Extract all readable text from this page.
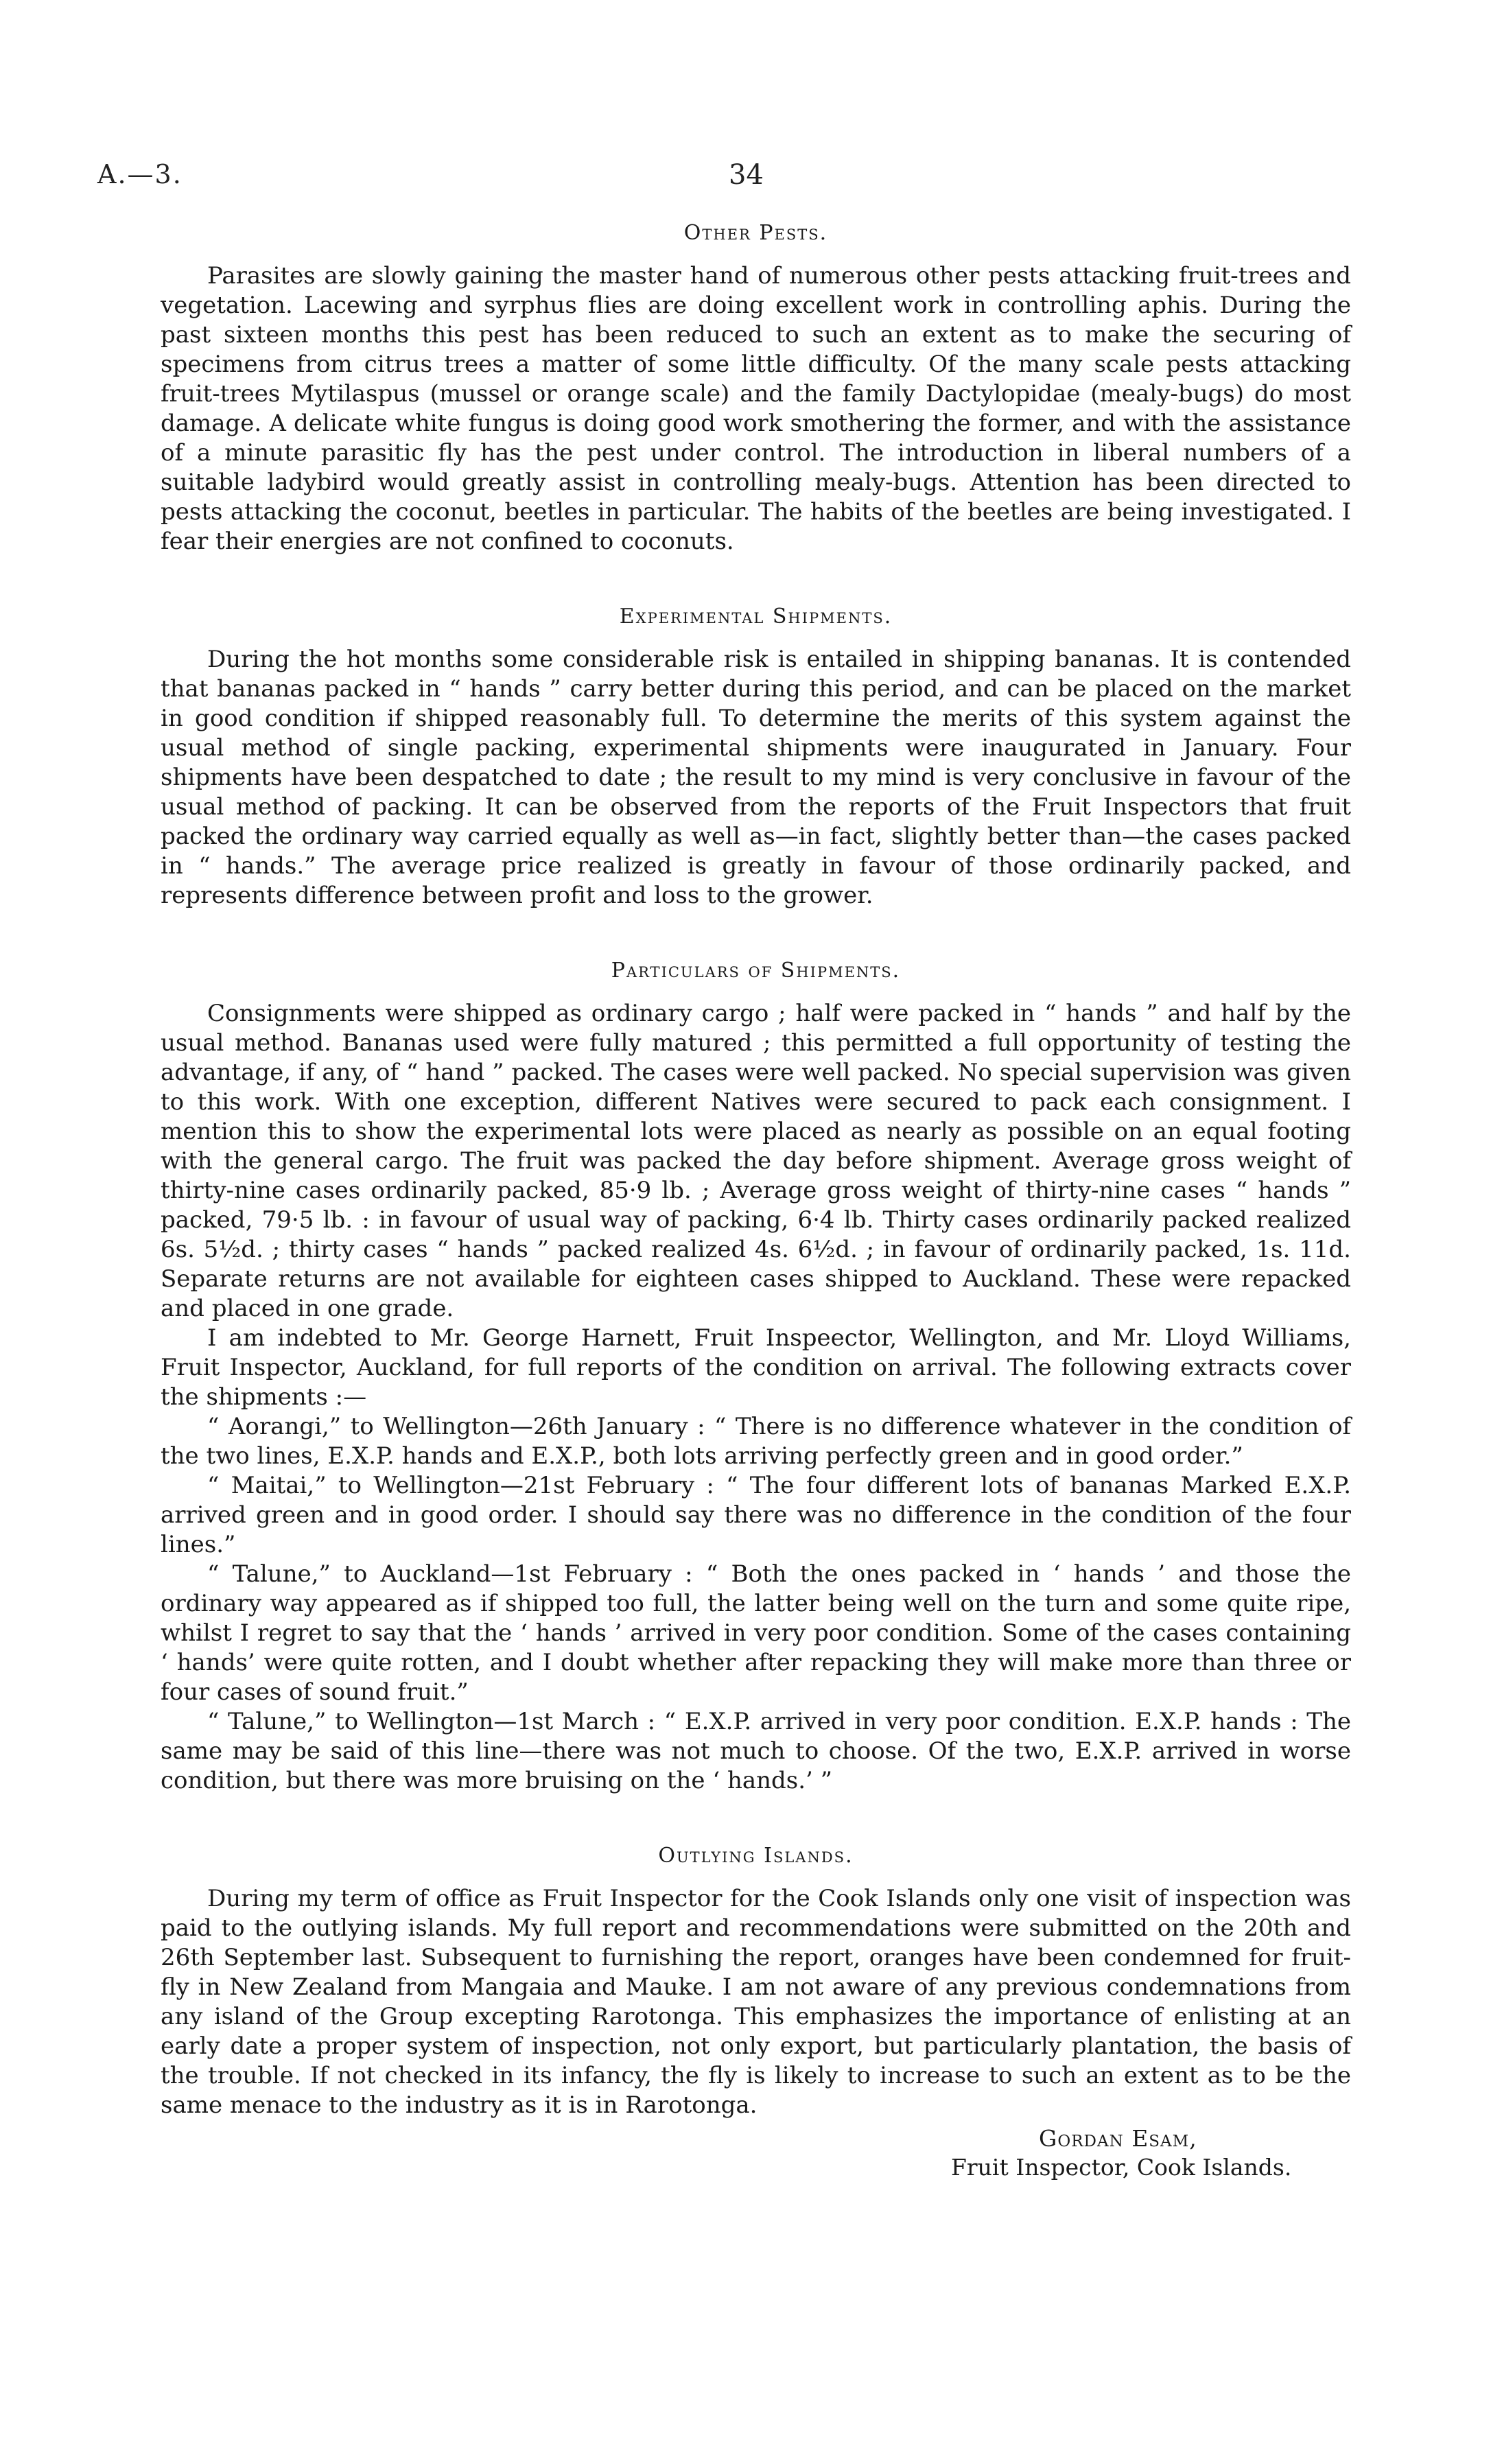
A.—3.	34
Other Pests.

Parasites are slowly gaining the master hand of numerous other pests attacking fruit-trees and vegetation. Lacewing and syrphus flies are doing excellent work in controlling aphis. During the past sixteen months this pest has been reduced to such an extent as to make the securing of specimens from citrus trees a matter of some little difficulty. Of the many scale pests attacking fruit-trees Mytilaspus (mussel or orange scale) and the family Dactylopidae (mealy-bugs) do most damage. A delicate white fungus is doing good work smothering the former, and with the assistance of a minute parasitic fly has the pest under control. The introduction in liberal numbers of a suitable ladybird would greatly assist in controlling mealy-bugs. Attention has been directed to pests attacking the coconut, beetles in particular. The habits of the beetles are being investigated. I fear their energies are not confined to coconuts.

Experimental Shipments.

During the hot months some considerable risk is entailed in shipping bananas. It is contended that bananas packed in “ hands ” carry better during this period, and can be placed on the market in good condition if shipped reasonably full. To determine the merits of this system against the usual method of single packing, experimental shipments were inaugurated in January. Four shipments have been despatched to date ; the result to my mind is very conclusive in favour of the usual method of packing. It can be observed from the reports of the Fruit Inspectors that fruit packed the ordinary way carried equally as well as—in fact, slightly better than—the cases packed in “ hands.” The average price realized is greatly in favour of those ordinarily packed, and represents difference between profit and loss to the grower.

Particulars of Shipments.

Consignments were shipped as ordinary cargo ; half were packed in “ hands ” and half by the usual method. Bananas used were fully matured ; this permitted a full opportunity of testing the advantage, if any, of “ hand ” packed. The cases were well packed. No special supervision was given to this work. With one exception, different Natives were secured to pack each consignment. I mention this to show the experimental lots were placed as nearly as possible on an equal footing with the general cargo. The fruit was packed the day before shipment. Average gross weight of thirty-nine cases ordinarily packed, 85·9 lb. ; Average gross weight of thirty-nine cases “ hands ” packed, 79·5 lb. : in favour of usual way of packing, 6·4 lb. Thirty cases ordinarily packed realized 6s. 5½d. ; thirty cases “ hands ” packed realized 4s. 6½d. ; in favour of ordinarily packed, 1s. 11d. Separate returns are not available for eighteen cases shipped to Auckland. These were repacked and placed in one grade.

I am indebted to Mr. George Harnett, Fruit Inspeector, Wellington, and Mr. Lloyd Williams, Fruit Inspector, Auckland, for full reports of the condition on arrival. The following extracts cover the shipments :—

“ Aorangi,” to Wellington—26th January : “ There is no difference whatever in the condition of the two lines, E.X.P. hands and E.X.P., both lots arriving perfectly green and in good order.”

“ Maitai,” to Wellington—21st February : “ The four different lots of bananas Marked E.X.P. arrived green and in good order. I should say there was no difference in the condition of the four lines.”

“ Talune,” to Auckland—1st February : “ Both the ones packed in ‘ hands ’ and those the ordinary way appeared as if shipped too full, the latter being well on the turn and some quite ripe, whilst I regret to say that the ‘ hands ’ arrived in very poor condition. Some of the cases containing ‘ hands’ were quite rotten, and I doubt whether after repacking they will make more than three or four cases of sound fruit.”

“ Talune,” to Wellington—1st March : “ E.X.P. arrived in very poor condition. E.X.P. hands : The same may be said of this line—there was not much to choose. Of the two, E.X.P. arrived in worse condition, but there was more bruising on the ‘ hands.’ ”

Outlying Islands.

During my term of office as Fruit Inspector for the Cook Islands only one visit of inspection was paid to the outlying islands. My full report and recommendations were submitted on the 20th and 26th September last. Subsequent to furnishing the report, oranges have been condemned for fruit-fly in New Zealand from Mangaia and Mauke. I am not aware of any previous condemnations from any island of the Group excepting Rarotonga. This emphasizes the importance of enlisting at an early date a proper system of inspection, not only export, but particularly plantation, the basis of the trouble. If not checked in its infancy, the fly is likely to increase to such an extent as to be the same menace to the industry as it is in Rarotonga.

Gordan Esam,
Fruit Inspector, Cook Islands.
